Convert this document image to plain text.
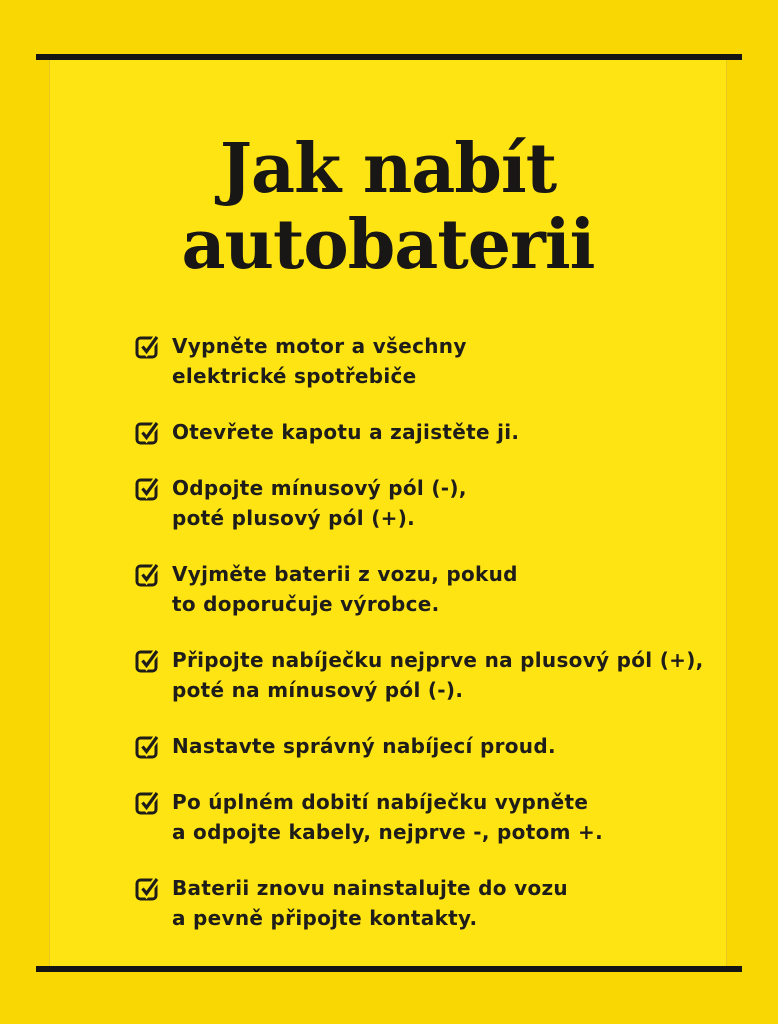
Jak nabít
autobaterii
Vypněte motor a všechny
elektrické spotřebiče
Otevřete kapotu a zajistěte ji.
Odpojte mínusový pól (-),
poté plusový pól (+).
Vyjměte baterii z vozu, pokud
to doporučuje výrobce.
Připojte nabíječku nejprve na plusový pól (+),
poté na mínusový pól (-).
Nastavte správný nabíjecí proud.
Po úplném dobití nabíječku vypněte
a odpojte kabely, nejprve -, potom +.
Baterii znovu nainstalujte do vozu
a pevně připojte kontakty.
